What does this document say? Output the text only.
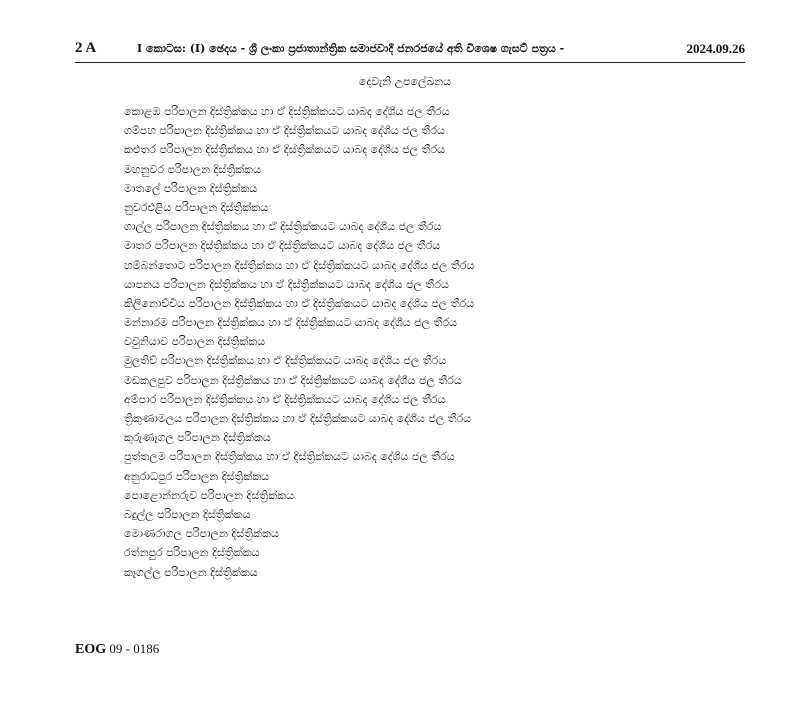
2 A	I කොටස: (I) ඡෙදය - ශ්‍රී ලංකා ප්‍රජාතාන්ත්‍රික සමාජවාදී ජනරජයේ අති විශෙෂ ගැසට් පත්‍රය -	2024.09.26
දෙවැනි උපලේඛනය
කොළඹ පරිපාලන දිස්ත්‍රික්කය හා ඒ දිස්ත්‍රික්කයට යාබද දේශීය ජල තීරය
ගම්පහ පරිපාලන දිස්ත්‍රික්කය හා ඒ දිස්ත්‍රික්කයට යාබද දේශීය ජල තීරය
කළුතර පරිපාලන දිස්ත්‍රික්කය හා ඒ දිස්ත්‍රික්කයට යාබද දේශීය ජල තීරය
මහනුවර පරිපාලන දිස්ත්‍රික්කය
මාතලේ පරිපාලන දිස්ත්‍රික්කය
නුවරඑළිය පරිපාලන දිස්ත්‍රික්කය
ගාල්ල පරිපාලන දිස්ත්‍රික්කය හා ඒ දිස්ත්‍රික්කයට යාබද දේශීය ජල තීරය
මාතර පරිපාලන දිස්ත්‍රික්කය හා ඒ දිස්ත්‍රික්කයට යාබද දේශීය ජල තීරය
හම්බන්තොට පරිපාලන දිස්ත්‍රික්කය හා ඒ දිස්ත්‍රික්කයට යාබද දේශීය ජල තීරය
යාපනය පරිපාලන දිස්ත්‍රික්කය හා ඒ දිස්ත්‍රික්කයට යාබද දේශීය ජල තීරය
කිලිනොච්චිය පරිපාලන දිස්ත්‍රික්කය හා ඒ දිස්ත්‍රික්කයට යාබද දේශීය ජල තීරය
මන්නාරම පරිපාලන දිස්ත්‍රික්කය හා ඒ දිස්ත්‍රික්කයට යාබද දේශීය ජල තීරය
වවුනියාව පරිපාලන දිස්ත්‍රික්කය
මුලතිව් පරිපාලන දිස්ත්‍රික්කය හා ඒ දිස්ත්‍රික්කයට යාබද දේශීය ජල තීරය
මඩකලපුව පරිපාලන දිස්ත්‍රික්කය හා ඒ දිස්ත්‍රික්කයට යාබද දේශීය ජල තීරය
අම්පාර පරිපාලන දිස්ත්‍රික්කය හා ඒ දිස්ත්‍රික්කයට යාබද දේශීය ජල තීරය
ත්‍රිකුණාමලය පරිපාලන දිස්ත්‍රික්කය හා ඒ දිස්ත්‍රික්කයට යාබද දේශීය ජල තීරය
කුරුණෑගල පරිපාලන දිස්ත්‍රික්කය
පුත්තලම පරිපාලන දිස්ත්‍රික්කය හා ඒ දිස්ත්‍රික්කයට යාබද දේශීය ජල තීරය
අනුරාධපුර පරිපාලන දිස්ත්‍රික්කය
පොළොන්නරුව පරිපාලන දිස්ත්‍රික්කය
බදුල්ල පරිපාලන දිස්ත්‍රික්කය
මොණරාගල පරිපාලන දිස්ත්‍රික්කය
රත්නපුර පරිපාලන දිස්ත්‍රික්කය
කෑගල්ල පරිපාලන දිස්ත්‍රික්කය
EOG 09 - 0186
